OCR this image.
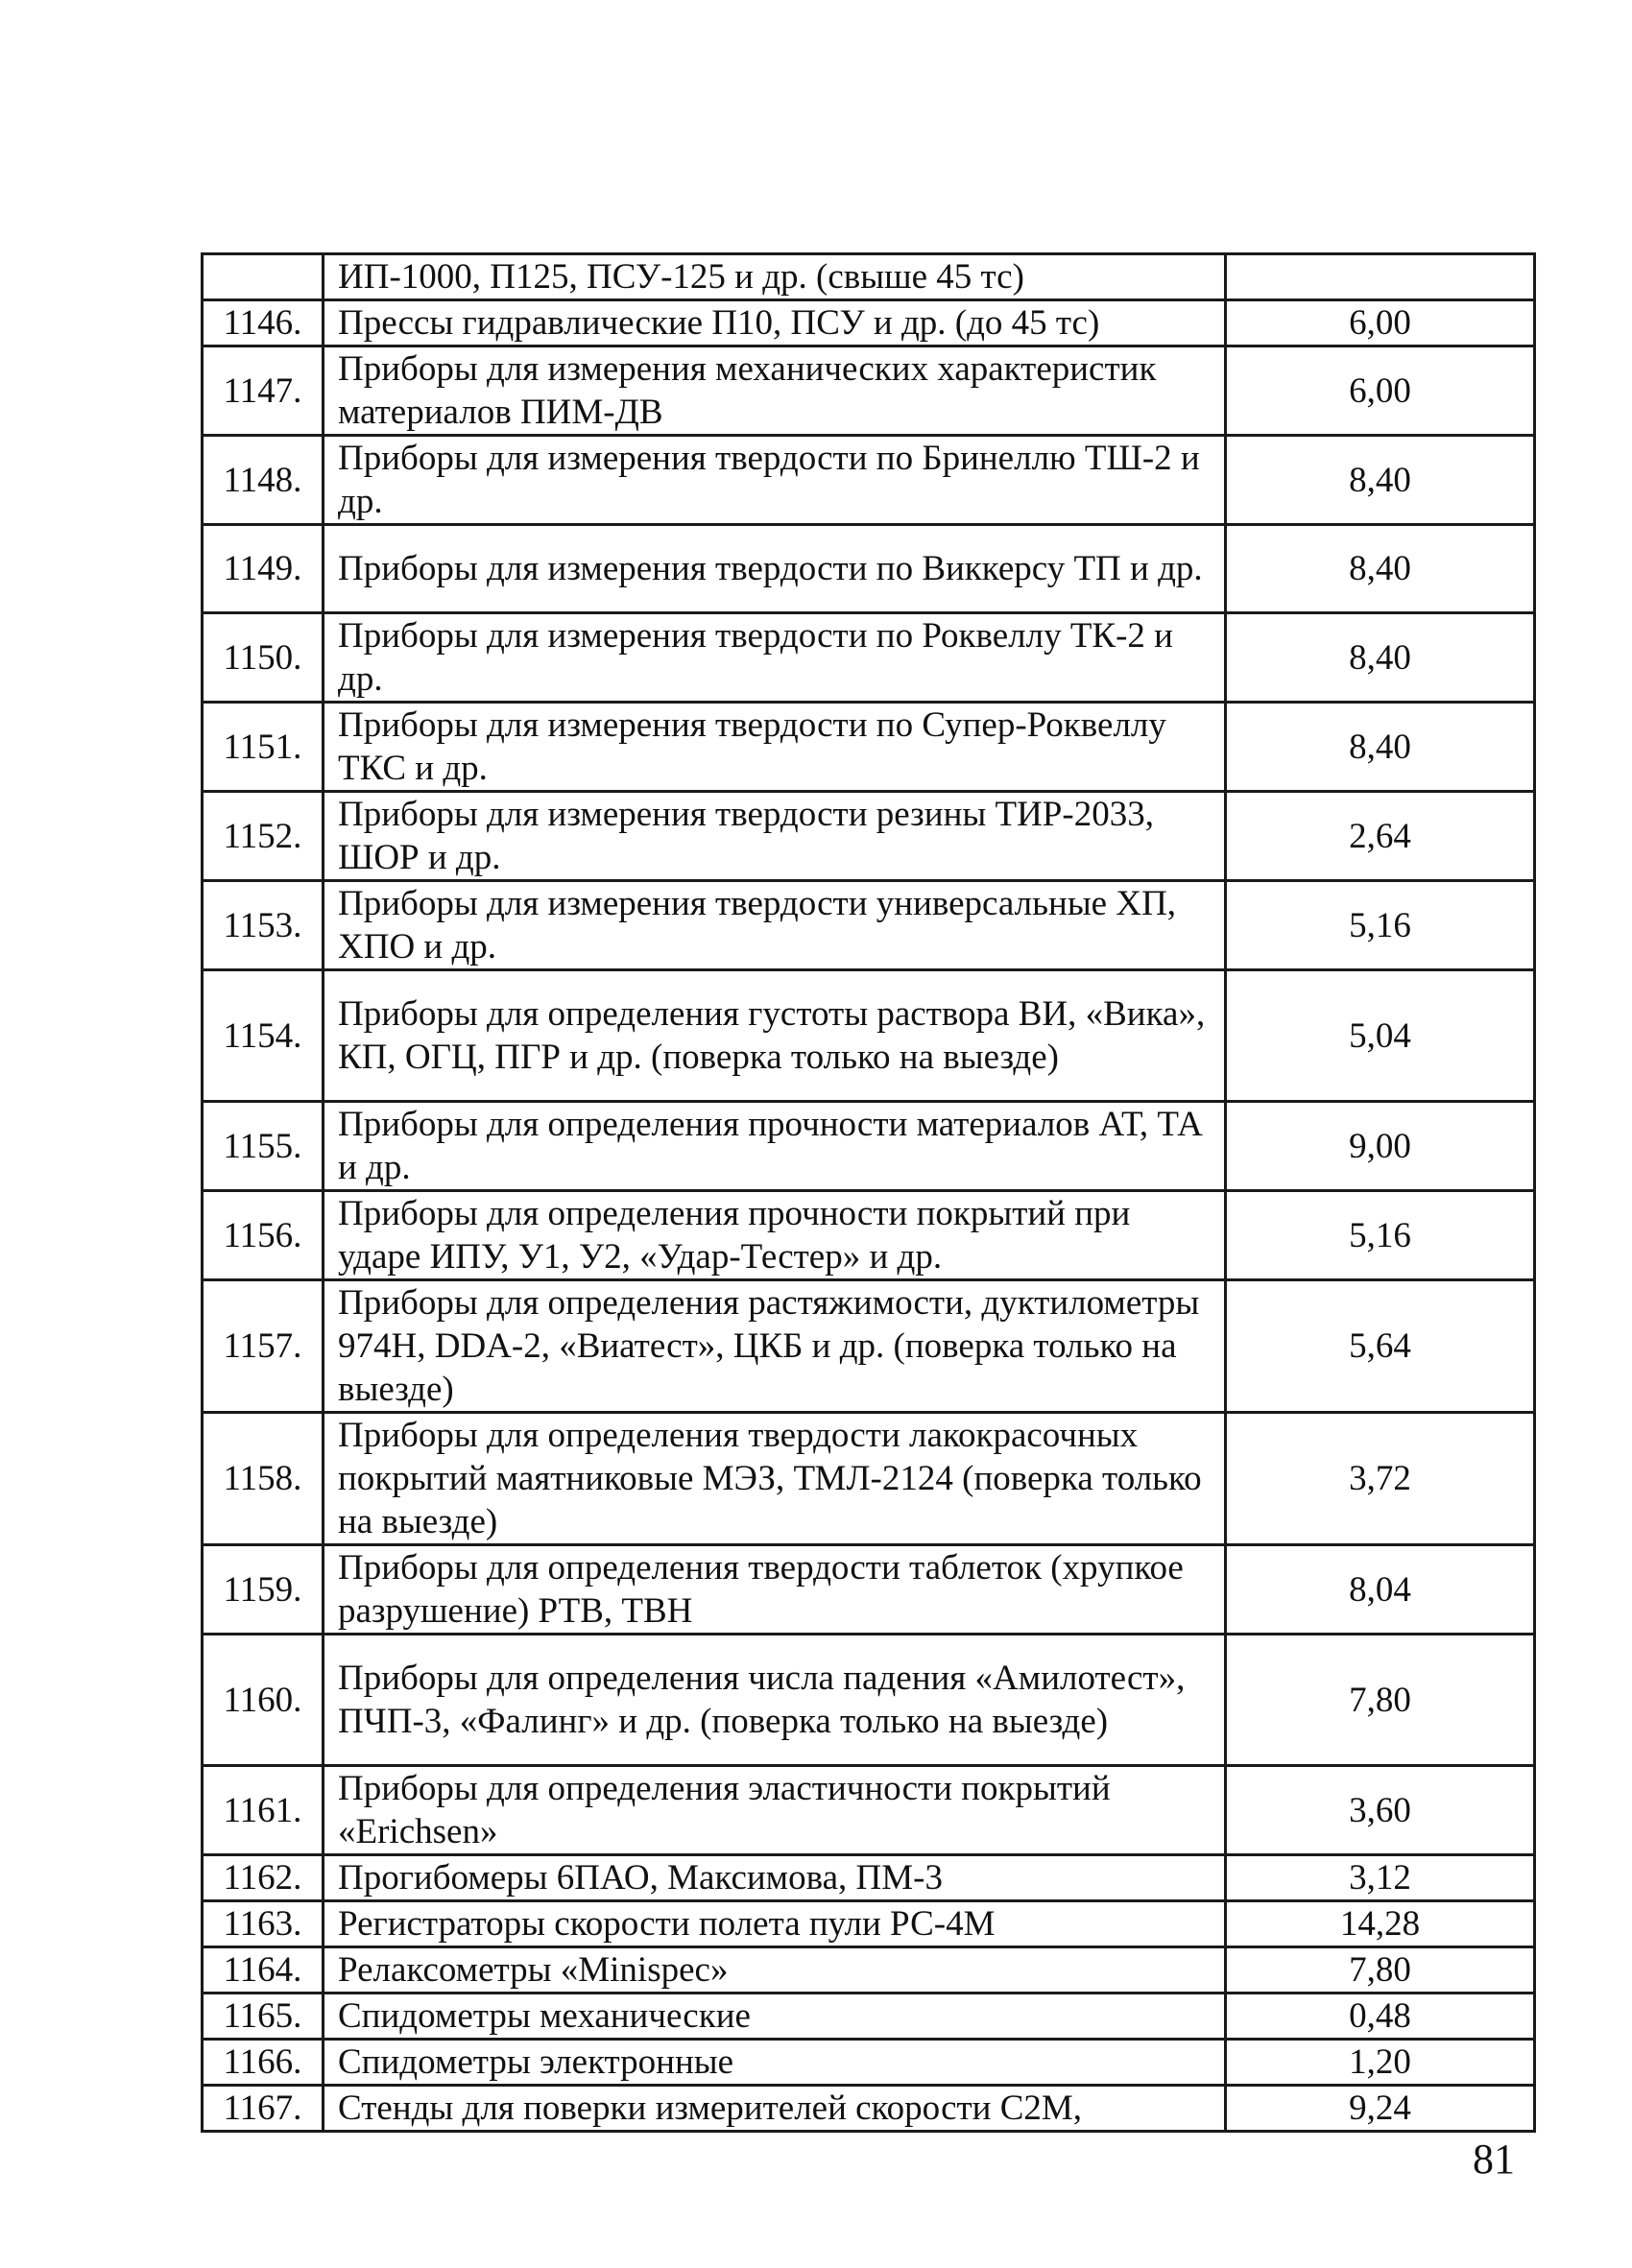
	ИП-1000, П125, ПСУ-125 и др. (свыше 45 тс)	
1146.	Прессы гидравлические П10, ПСУ и др. (до 45 тс)	6,00
1147.	Приборы для измерения механических характеристик материалов ПИМ-ДВ	6,00
1148.	Приборы для измерения твердости по Бринеллю ТШ-2 и др.	8,40
1149.	Приборы для измерения твердости по Виккерсу ТП и др.	8,40
1150.	Приборы для измерения твердости по Роквеллу ТК-2 и др.	8,40
1151.	Приборы для измерения твердости по Супер-Роквеллу ТКС и др.	8,40
1152.	Приборы для измерения твердости резины ТИР-2033, ШОР и др.	2,64
1153.	Приборы для измерения твердости универсальные ХП, ХПО и др.	5,16
1154.	Приборы для определения густоты раствора ВИ, «Вика», КП, ОГЦ, ПГР и др. (поверка только на выезде)	5,04
1155.	Приборы для определения прочности материалов АТ, ТА и др.	9,00
1156.	Приборы для определения прочности покрытий при ударе ИПУ, У1, У2, «Удар-Тестер» и др.	5,16
1157.	Приборы для определения растяжимости, дуктилометры 974Н, DDA-2, «Виатест», ЦКБ и др. (поверка только на выезде)	5,64
1158.	Приборы для определения твердости лакокрасочных покрытий маятниковые МЭЗ, ТМЛ-2124 (поверка только на выезде)	3,72
1159.	Приборы для определения твердости таблеток (хрупкое разрушение) РТВ, ТВН	8,04
1160.	Приборы для определения числа падения «Амилотест», ПЧП-3, «Фалинг» и др. (поверка только на выезде)	7,80
1161.	Приборы для определения эластичности покрытий «Erichsen»	3,60
1162.	Прогибомеры 6ПАО, Максимова, ПМ-3	3,12
1163.	Регистраторы скорости полета пули РС-4М	14,28
1164.	Релаксометры «Minispec»	7,80
1165.	Спидометры механические	0,48
1166.	Спидометры электронные	1,20
1167.	Стенды для поверки измерителей скорости С2М,	9,24
81
